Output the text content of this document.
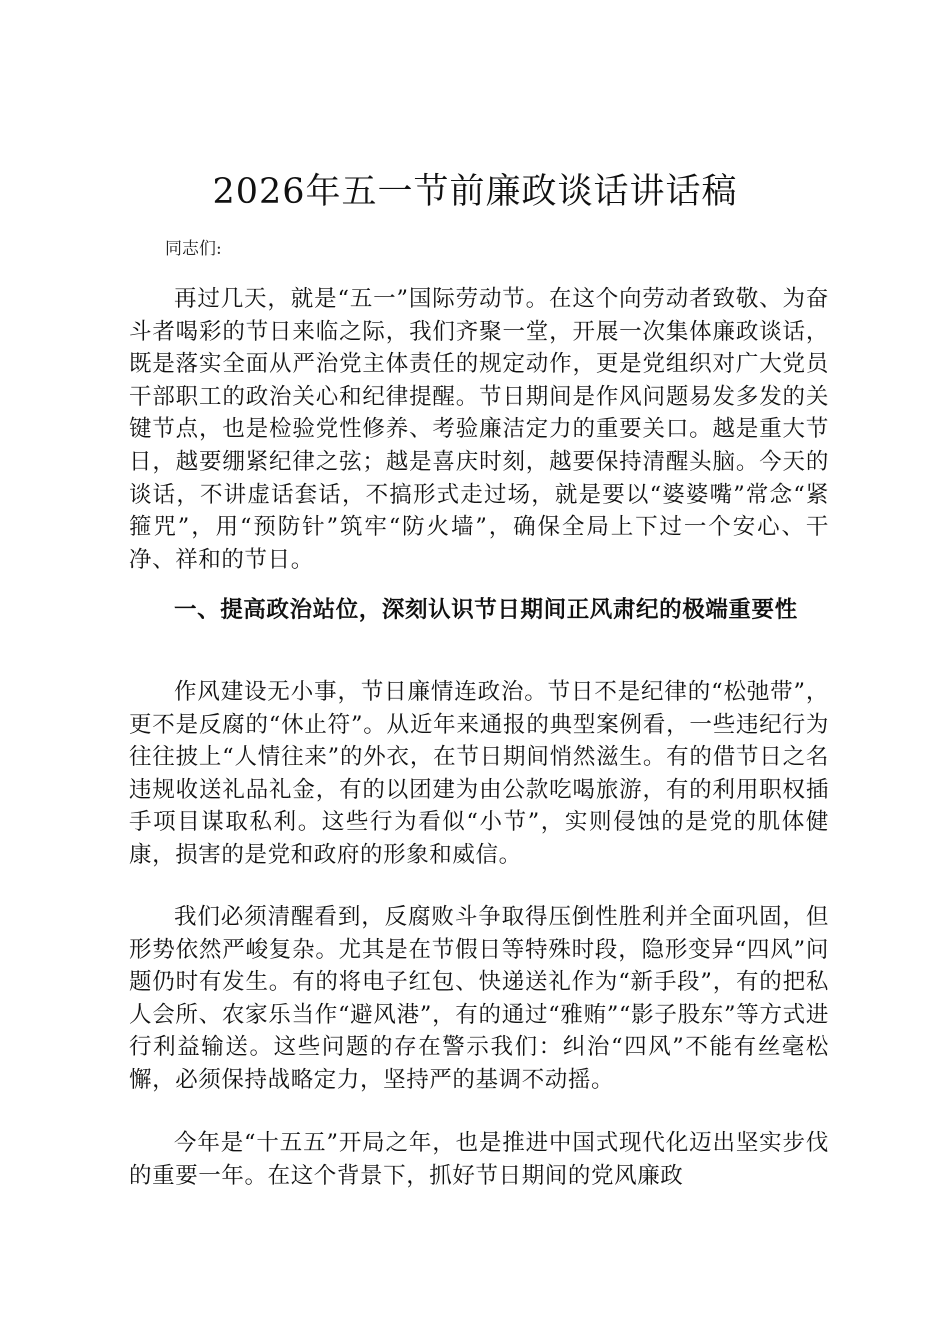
2026年五一节前廉政谈话讲话稿

同志们:

再过几天，就是“五一”国际劳动节。在这个向劳动者致敬、为奋斗者喝彩的节日来临之际，我们齐聚一堂，开展一次集体廉政谈话，既是落实全面从严治党主体责任的规定动作，更是党组织对广大党员干部职工的政治关心和纪律提醒。节日期间是作风问题易发多发的关键节点，也是检验党性修养、考验廉洁定力的重要关口。越是重大节日，越要绷紧纪律之弦；越是喜庆时刻，越要保持清醒头脑。今天的谈话，不讲虚话套话，不搞形式走过场，就是要以“婆婆嘴”常念“紧箍咒”，用“预防针”筑牢“防火墙”，确保全局上下过一个安心、干净、祥和的节日。

一、提高政治站位，深刻认识节日期间正风肃纪的极端重要性

作风建设无小事，节日廉情连政治。节日不是纪律的“松弛带”，更不是反腐的“休止符”。从近年来通报的典型案例看，一些违纪行为往往披上“人情往来”的外衣，在节日期间悄然滋生。有的借节日之名违规收送礼品礼金，有的以团建为由公款吃喝旅游，有的利用职权插手项目谋取私利。这些行为看似“小节”，实则侵蚀的是党的肌体健康，损害的是党和政府的形象和威信。

我们必须清醒看到，反腐败斗争取得压倒性胜利并全面巩固，但形势依然严峻复杂。尤其是在节假日等特殊时段，隐形变异“四风”问题仍时有发生。有的将电子红包、快递送礼作为“新手段”，有的把私人会所、农家乐当作“避风港”，有的通过“雅贿”“影子股东”等方式进行利益输送。这些问题的存在警示我们：纠治“四风”不能有丝毫松懈，必须保持战略定力，坚持严的基调不动摇。

今年是“十五五”开局之年，也是推进中国式现代化迈出坚实步伐的重要一年。在这个背景下，抓好节日期间的党风廉政
